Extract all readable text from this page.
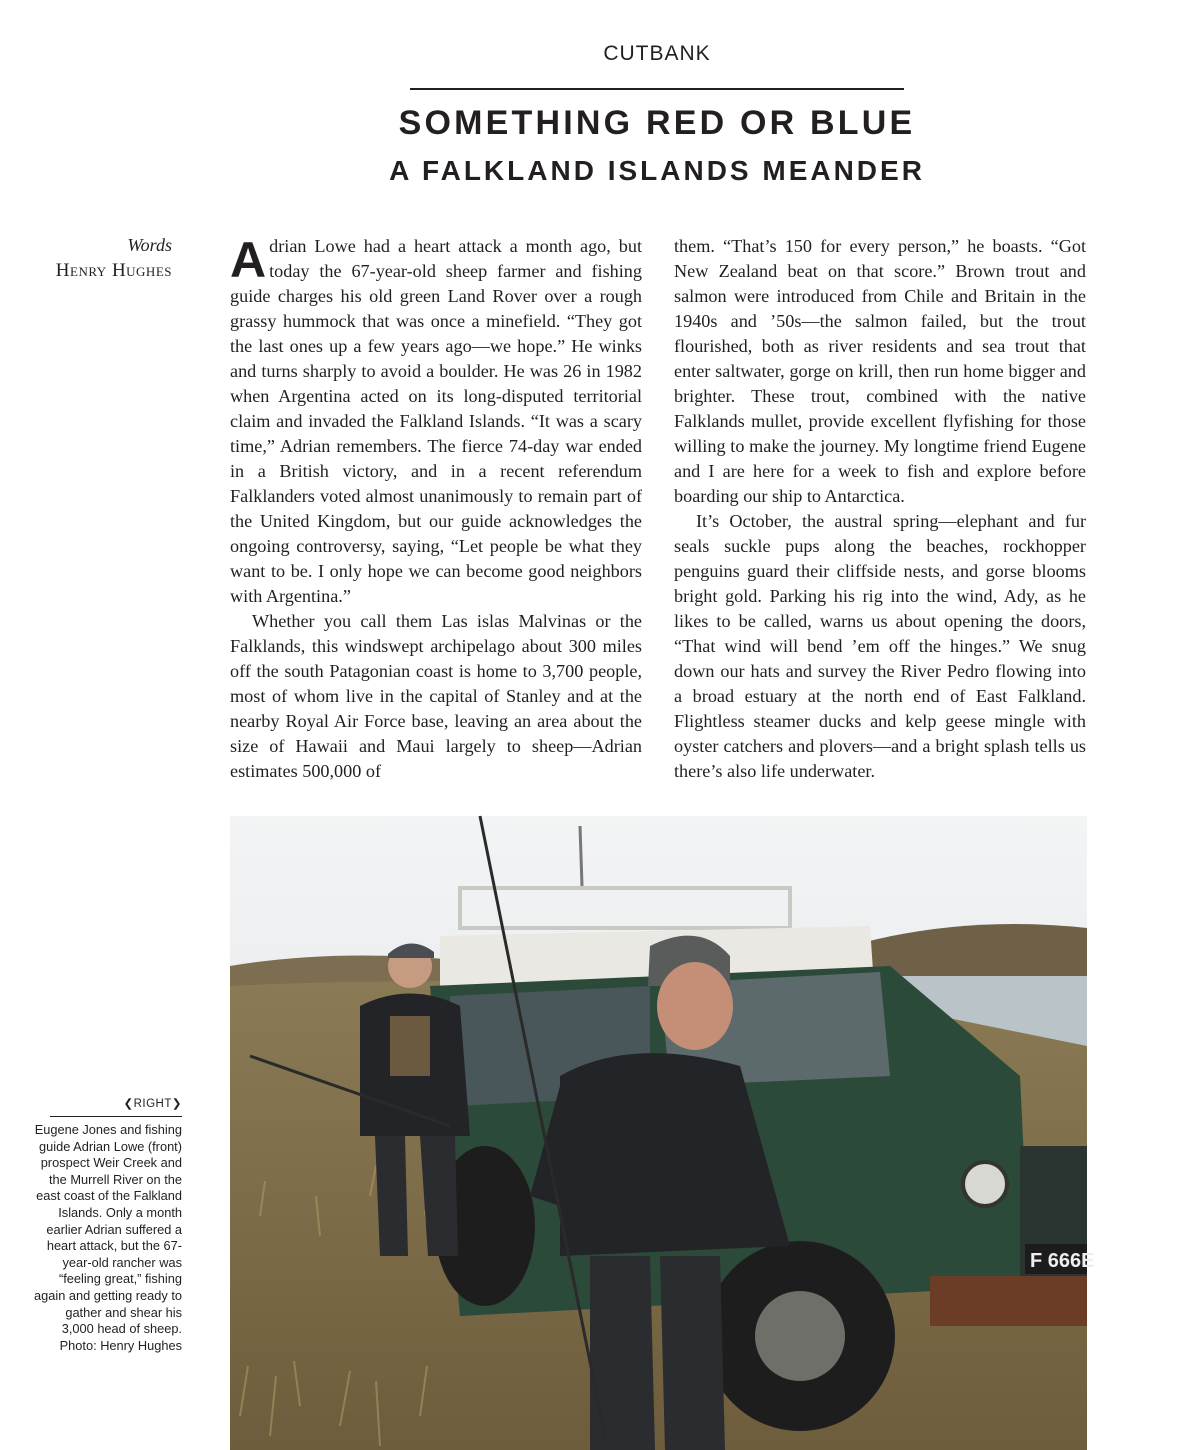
CUTBANK
SOMETHING RED OR BLUE
A FALKLAND ISLANDS MEANDER
Words
Henry Hughes Adrian Lowe had a heart attack a month ago, but today the 67-year-old sheep farmer and fishing guide charges his old green Land Rover over a rough grassy hummock that was once a minefield. “They got the last ones up a few years ago—we hope.” He winks and turns sharply to avoid a boulder. He was 26 in 1982 when Argentina acted on its long-disputed territorial claim and invaded the Falkland Islands. “It was a scary time,” Adrian remembers. The fierce 74-day war ended in a British victory, and in a recent referendum Falklanders voted almost unanimously to remain part of the United Kingdom, but our guide acknowledges the ongoing controversy, saying, “Let people be what they want to be. I only hope we can become good neighbors with Argentina.”

Whether you call them Las islas Malvinas or the Falklands, this windswept archipelago about 300 miles off the south Patagonian coast is home to 3,700 people, most of whom live in the capital of Stanley and at the nearby Royal Air Force base, leaving an area about the size of Hawaii and Maui largely to sheep—Adrian estimates 500,000 of

them. “That’s 150 for every person,” he boasts. “Got New Zealand beat on that score.” Brown trout and salmon were introduced from Chile and Britain in the 1940s and ’50s—the salmon failed, but the trout flourished, both as river residents and sea trout that enter saltwater, gorge on krill, then run home bigger and brighter. These trout, combined with the native Falklands mullet, provide excellent flyfishing for those willing to make the journey. My longtime friend Eugene and I are here for a week to fish and explore before boarding our ship to Antarctica.

It’s October, the austral spring—elephant and fur seals suckle pups along the beaches, rockhopper penguins guard their cliffside nests, and gorse blooms bright gold. Parking his rig into the wind, Ady, as he likes to be called, warns us about opening the doors, “That wind will bend ’em off the hinges.” We snug down our hats and survey the River Pedro flowing into a broad estuary at the north end of East Falkland. Flightless steamer ducks and kelp geese mingle with oyster catchers and plovers—and a bright splash tells us there’s also life underwater.

❮RIGHT❯
Eugene Jones and fishing guide Adrian Lowe (front) prospect Weir Creek and the Murrell River on the east coast of the Falkland Islands. Only a month earlier Adrian suffered a heart attack, but the 67-year-old rancher was “feeling great,” fishing again and getting ready to gather and shear his 3,000 head of sheep. Photo: Henry Hughes
F 666E
